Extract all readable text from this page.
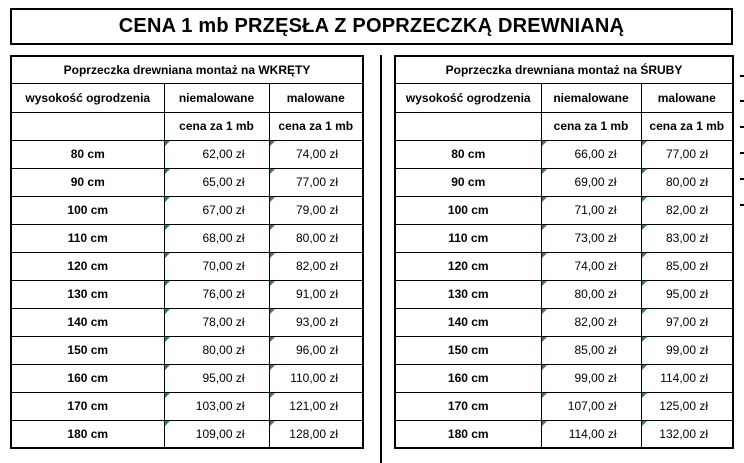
CENA 1 mb PRZĘSŁA Z POPRZECZKĄ DREWNIANĄ
Poprzeczka drewniana montaż na WKRĘTY		
wysokość ogrodzenia	niemalowane	malowane
	cena za 1 mb	cena za 1 mb
80 cm	62,00 zł	74,00 zł
90 cm	65,00 zł	77,00 zł
100 cm	67,00 zł	79,00 zł
110 cm	68,00 zł	80,00 zł
120 cm	70,00 zł	82,00 zł
130 cm	76,00 zł	91,00 zł
140 cm	78,00 zł	93,00 zł
150 cm	80,00 zł	96,00 zł
160 cm	95,00 zł	110,00 zł
170 cm	103,00 zł	121,00 zł
180 cm	109,00 zł	128,00 zł
Poprzeczka drewniana montaż na ŚRUBY		
wysokość ogrodzenia	niemalowane	malowane
	cena za 1 mb	cena za 1 mb
80 cm	66,00 zł	77,00 zł
90 cm	69,00 zł	80,00 zł
100 cm	71,00 zł	82,00 zł
110 cm	73,00 zł	83,00 zł
120 cm	74,00 zł	85,00 zł
130 cm	80,00 zł	95,00 zł
140 cm	82,00 zł	97,00 zł
150 cm	85,00 zł	99,00 zł
160 cm	99,00 zł	114,00 zł
170 cm	107,00 zł	125,00 zł
180 cm	114,00 zł	132,00 zł
